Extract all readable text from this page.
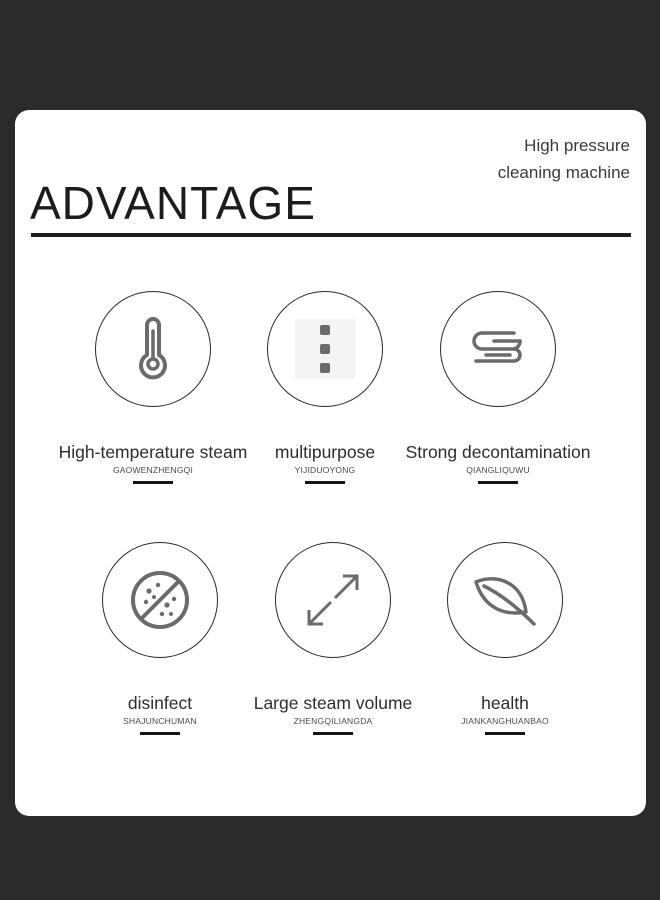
High pressure
cleaning machine
ADVANTAGE
High-temperature steam
GAOWENZHENGQI
multipurpose
YIJIDUOYONG
Strong decontamination
QIANGLIQUWU
disinfect
SHAJUNCHUMAN
Large steam volume
ZHENGQILIANGDA
health
JIANKANGHUANBAO
